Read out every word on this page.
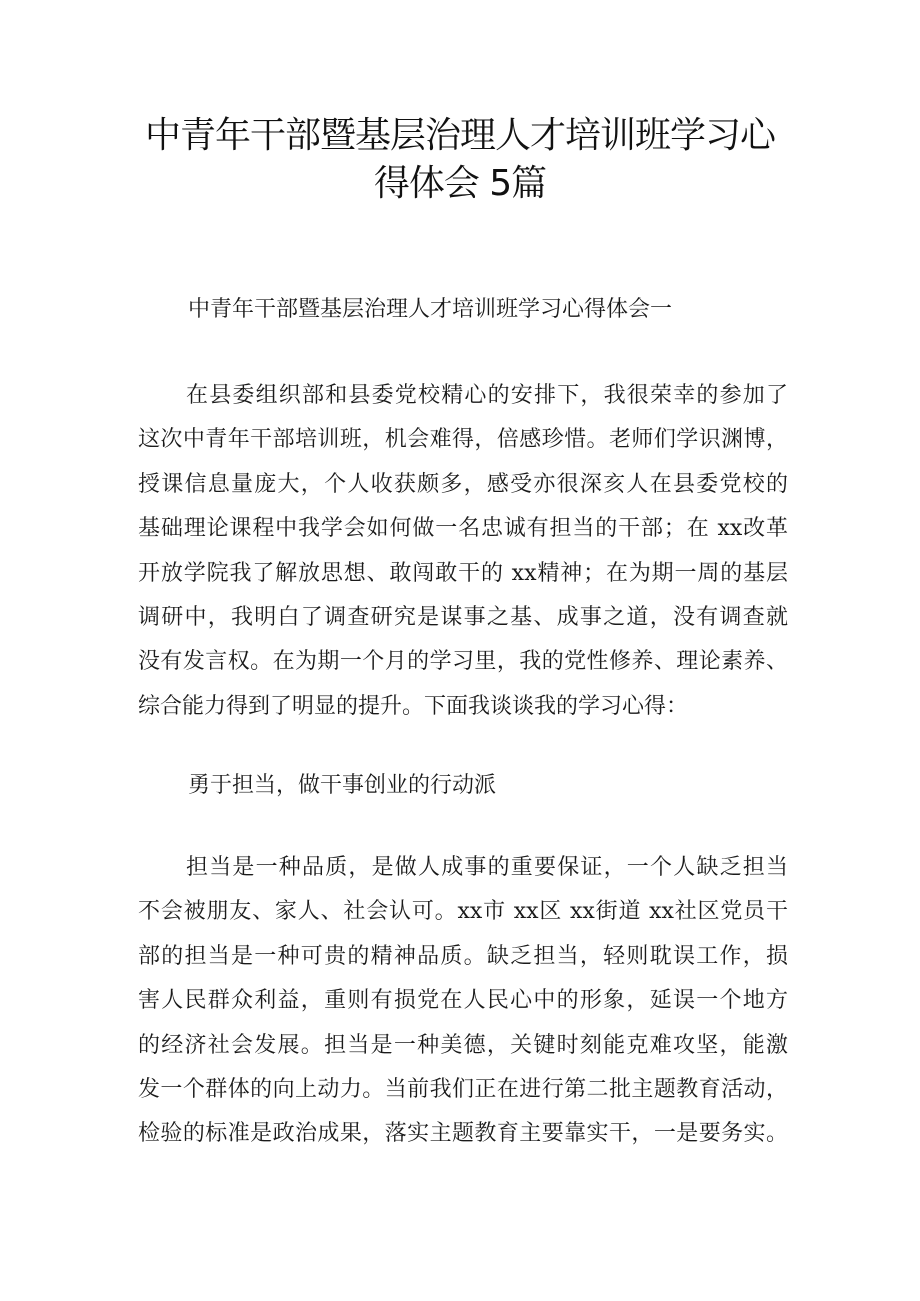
中青年干部暨基层治理人才培训班学习心
得体会 5篇
中青年干部暨基层治理人才培训班学习心得体会一
在县委组织部和县委党校精心的安排下，我很荣幸的参加了
这次中青年干部培训班，机会难得，倍感珍惜。老师们学识渊博，
授课信息量庞大，个人收获颇多，感受亦很深亥人在县委党校的
基础理论课程中我学会如何做一名忠诚有担当的干部；在 xx改革
开放学院我了解放思想、敢闯敢干的 xx精神；在为期一周的基层
调研中，我明白了调查研究是谋事之基、成事之道，没有调查就
没有发言权。在为期一个月的学习里，我的党性修养、理论素养、
综合能力得到了明显的提升。下面我谈谈我的学习心得：
勇于担当，做干事创业的行动派
担当是一种品质，是做人成事的重要保证，一个人缺乏担当
不会被朋友、家人、社会认可。xx市 xx区 xx街道 xx社区党员干
部的担当是一种可贵的精神品质。缺乏担当，轻则耽误工作，损
害人民群众利益，重则有损党在人民心中的形象，延误一个地方
的经济社会发展。担当是一种美德，关键时刻能克难攻坚，能激
发一个群体的向上动力。当前我们正在进行第二批主题教育活动，
检验的标准是政治成果，落实主题教育主要靠实干，一是要务实。
